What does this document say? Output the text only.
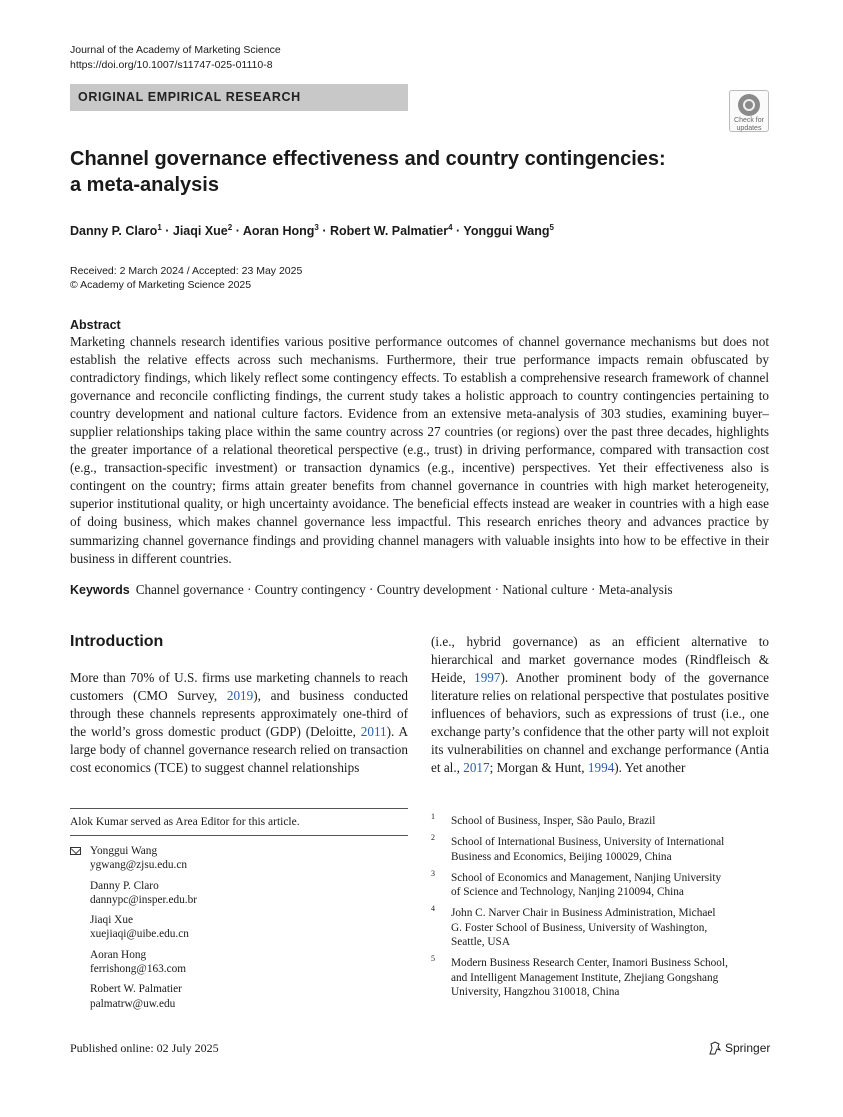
Journal of the Academy of Marketing Science
https://doi.org/10.1007/s11747-025-01110-8
ORIGINAL EMPIRICAL RESEARCH
Check for
updates
Channel governance effectiveness and country contingencies:
a meta-analysis
Danny P. Claro$^1$ · Jiaqi Xue$^2$ · Aoran Hong$^3$ · Robert W. Palmatier$^4$ · Yonggui Wang$^5$
Received: 2 March 2024 / Accepted: 23 May 2025
© Academy of Marketing Science 2025
Abstract
Marketing channels research identifies various positive performance outcomes of channel governance mechanisms but does not establish the relative effects across such mechanisms. Furthermore, their true performance impacts remain obfuscated by contradictory findings, which likely reflect some contingency effects. To establish a comprehensive research framework of channel governance and reconcile conflicting findings, the current study takes a holistic approach to country contingencies pertaining to country development and national culture factors. Evidence from an extensive meta-analysis of 303 studies, examining buyer–supplier relationships taking place within the same country across 27 countries (or regions) over the past three decades, highlights the greater importance of a relational theoretical perspective (e.g., trust) in driving performance, compared with transaction cost (e.g., transaction-specific investment) or transaction dynamics (e.g., incentive) perspectives. Yet their effectiveness also is contingent on the country; firms attain greater benefits from channel governance in countries with high market heterogeneity, superior institutional quality, or high uncertainty avoidance. The beneficial effects instead are weaker in countries with a high ease of doing business, which makes channel governance less impactful. This research enriches theory and advances practice by summarizing channel governance findings and providing channel managers with valuable insights into how to be effective in their business in different countries.
Keywords Channel governance · Country contingency · Country development · National culture · Meta-analysis
Introduction
More than 70% of U.S. firms use marketing channels to reach customers (CMO Survey, 2019), and business conducted through these channels represents approximately one-third of the world’s gross domestic product (GDP) (Deloitte, 2011). A large body of channel governance research relied on transaction cost economics (TCE) to suggest channel relationships
(i.e., hybrid governance) as an efficient alternative to hierarchical and market governance modes (Rindfleisch & Heide, 1997). Another prominent body of the governance literature relies on relational perspective that postulates positive influences of behaviors, such as expressions of trust (i.e., one exchange party’s confidence that the other party will not exploit its vulnerabilities on channel and exchange performance (Antia et al., 2017; Morgan & Hunt, 1994). Yet another
Alok Kumar served as Area Editor for this article.
Yonggui Wang
ygwang@zjsu.edu.cn
Danny P. Claro
dannypc@insper.edu.br
Jiaqi Xue
xuejiaqi@uibe.edu.cn
Aoran Hong
ferrishong@163.com
Robert W. Palmatier
palmatrw@uw.edu
1 School of Business, Insper, São Paulo, Brazil
2 School of International Business, University of International
Business and Economics, Beijing 100029, China
3 School of Economics and Management, Nanjing University
of Science and Technology, Nanjing 210094, China
4 John C. Narver Chair in Business Administration, Michael
G. Foster School of Business, University of Washington,
Seattle, USA
5 Modern Business Research Center, Inamori Business School,
and Intelligent Management Institute, Zhejiang Gongshang
University, Hangzhou 310018, China
Published online: 02 July 2025	Springer
